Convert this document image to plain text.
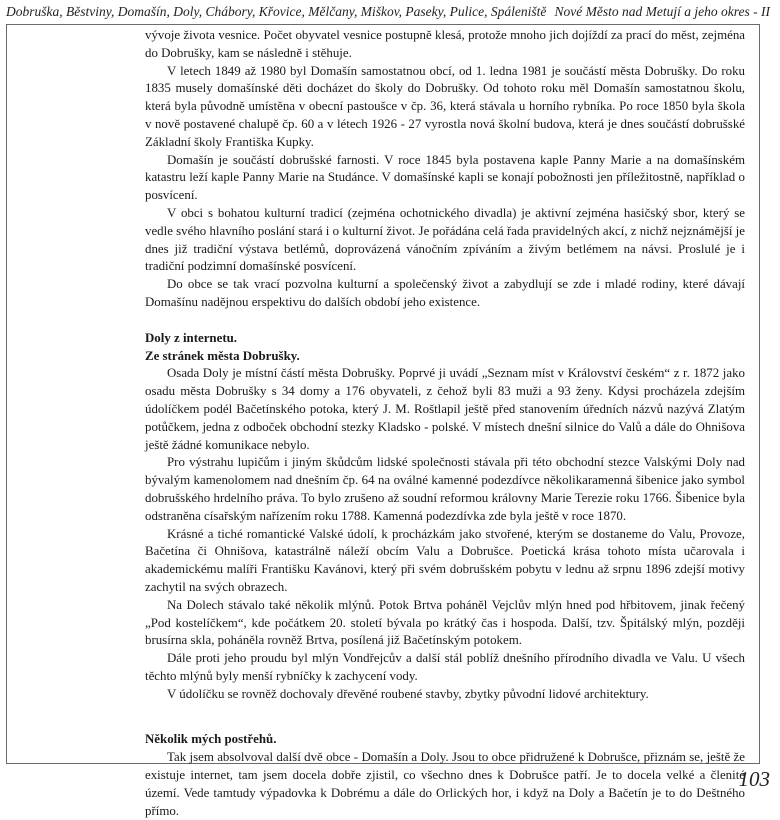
Dobruška, Běstviny, Domašín, Doly, Chábory, Křovice, Mělčany, Miškov, Paseky, Pulice, Spáleniště Nové Město nad Metují a jeho okres - II

vývoje života vesnice. Počet obyvatel vesnice postupně klesá, protože mnoho jich dojíždí za prací do měst, zejména do Dobrušky, kam se následně i stěhuje.

V letech 1849 až 1980 byl Domašín samostatnou obcí, od 1. ledna 1981 je součástí města Dobrušky. Do roku 1835 musely domašínské děti docházet do školy do Dobrušky. Od tohoto roku měl Domašín samostatnou školu, která byla původně umístěna v obecní pastoušce v čp. 36, která stávala u horního rybníka. Po roce 1850 byla škola v nově postavené chalupě čp. 60 a v létech 1926 - 27 vyrostla nová školní budova, která je dnes součástí dobrušské Základní školy Františka Kupky.

Domašín je součástí dobrušské farnosti. V roce 1845 byla postavena kaple Panny Marie a na domašínském katastru leží kaple Panny Marie na Studánce. V domašínské kapli se konají pobožnosti jen příležitostně, například o posvícení.

V obci s bohatou kulturní tradicí (zejména ochotnického divadla) je aktivní zejména hasičský sbor, který se vedle svého hlavního poslání stará i o kulturní život. Je pořádána celá řada pravidelných akcí, z nichž nejznámější je dnes již tradiční výstava betlémů, doprovázená vánočním zpíváním a živým betlémem na návsi. Proslulé je i tradiční podzimní domašínské posvícení.

Do obce se tak vrací pozvolna kulturní a společenský život a zabydlují se zde i mladé rodiny, které dávají Domašínu nadějnou erspektivu do dalších období jeho existence.

Doly z internetu.

Ze stránek města Dobrušky.

Osada Doly je místní částí města Dobrušky. Poprvé ji uvádí „Seznam míst v Království českém“ z r. 1872 jako osadu města Dobrušky s 34 domy a 176 obyvateli, z čehož byli 83 muži a 93 ženy. Kdysi procházela zdejším údolíčkem podél Bačetínského potoka, který J. M. Roštlapil ještě před stanovením úředních názvů nazývá Zlatým potůčkem, jedna z odboček obchodní stezky Kladsko - polské. V místech dnešní silnice do Valů a dále do Ohnišova ještě žádné komunikace nebylo.

Pro výstrahu lupičům i jiným škůdcům lidské společnosti stávala při této obchodní stezce Valskými Doly nad bývalým kamenolomem nad dnešním čp. 64 na oválné kamenné podezdívce několikaramenná šibenice jako symbol dobrušského hrdelního práva. To bylo zrušeno až soudní reformou královny Marie Terezie roku 1766. Šibenice byla odstraněna císařským nařízením roku 1788. Kamenná podezdívka zde byla ještě v roce 1870.

Krásné a tiché romantické Valské údolí, k procházkám jako stvořené, kterým se dostaneme do Valu, Provoze, Bačetína či Ohnišova, katastrálně náleží obcím Valu a Dobrušce. Poetická krása tohoto místa učarovala i akademickému malíři Františku Kavánovi, který při svém dobrušském pobytu v lednu až srpnu 1896 zdejší motivy zachytil na svých obrazech.

Na Dolech stávalo také několik mlýnů. Potok Brtva poháněl Vejclův mlýn hned pod hřbitovem, jinak řečený „Pod kostelíčkem“, kde počátkem 20. století bývala po krátký čas i hospoda. Další, tzv. Špitálský mlýn, později brusírna skla, poháněla rovněž Brtva, posílená již Bačetínským potokem.

Dále proti jeho proudu byl mlýn Vondřejcův a další stál poblíž dnešního přírodního divadla ve Valu. U všech těchto mlýnů byly menší rybníčky k zachycení vody.

V údolíčku se rovněž dochovaly dřevěné roubené stavby, zbytky původní lidové architektury.

Několik mých postřehů.

Tak jsem absolvoval další dvě obce - Domašín a Doly. Jsou to obce přidružené k Dobrušce, přiznám se, ještě že existuje internet, tam jsem docela dobře zjistil, co všechno dnes k Dobrušce patří. Je to docela velké a členité území. Vede tamtudy výpadovka k Dobrému a dále do Orlických hor, i když na Doly a Bačetín je to do Deštného přímo.

103
